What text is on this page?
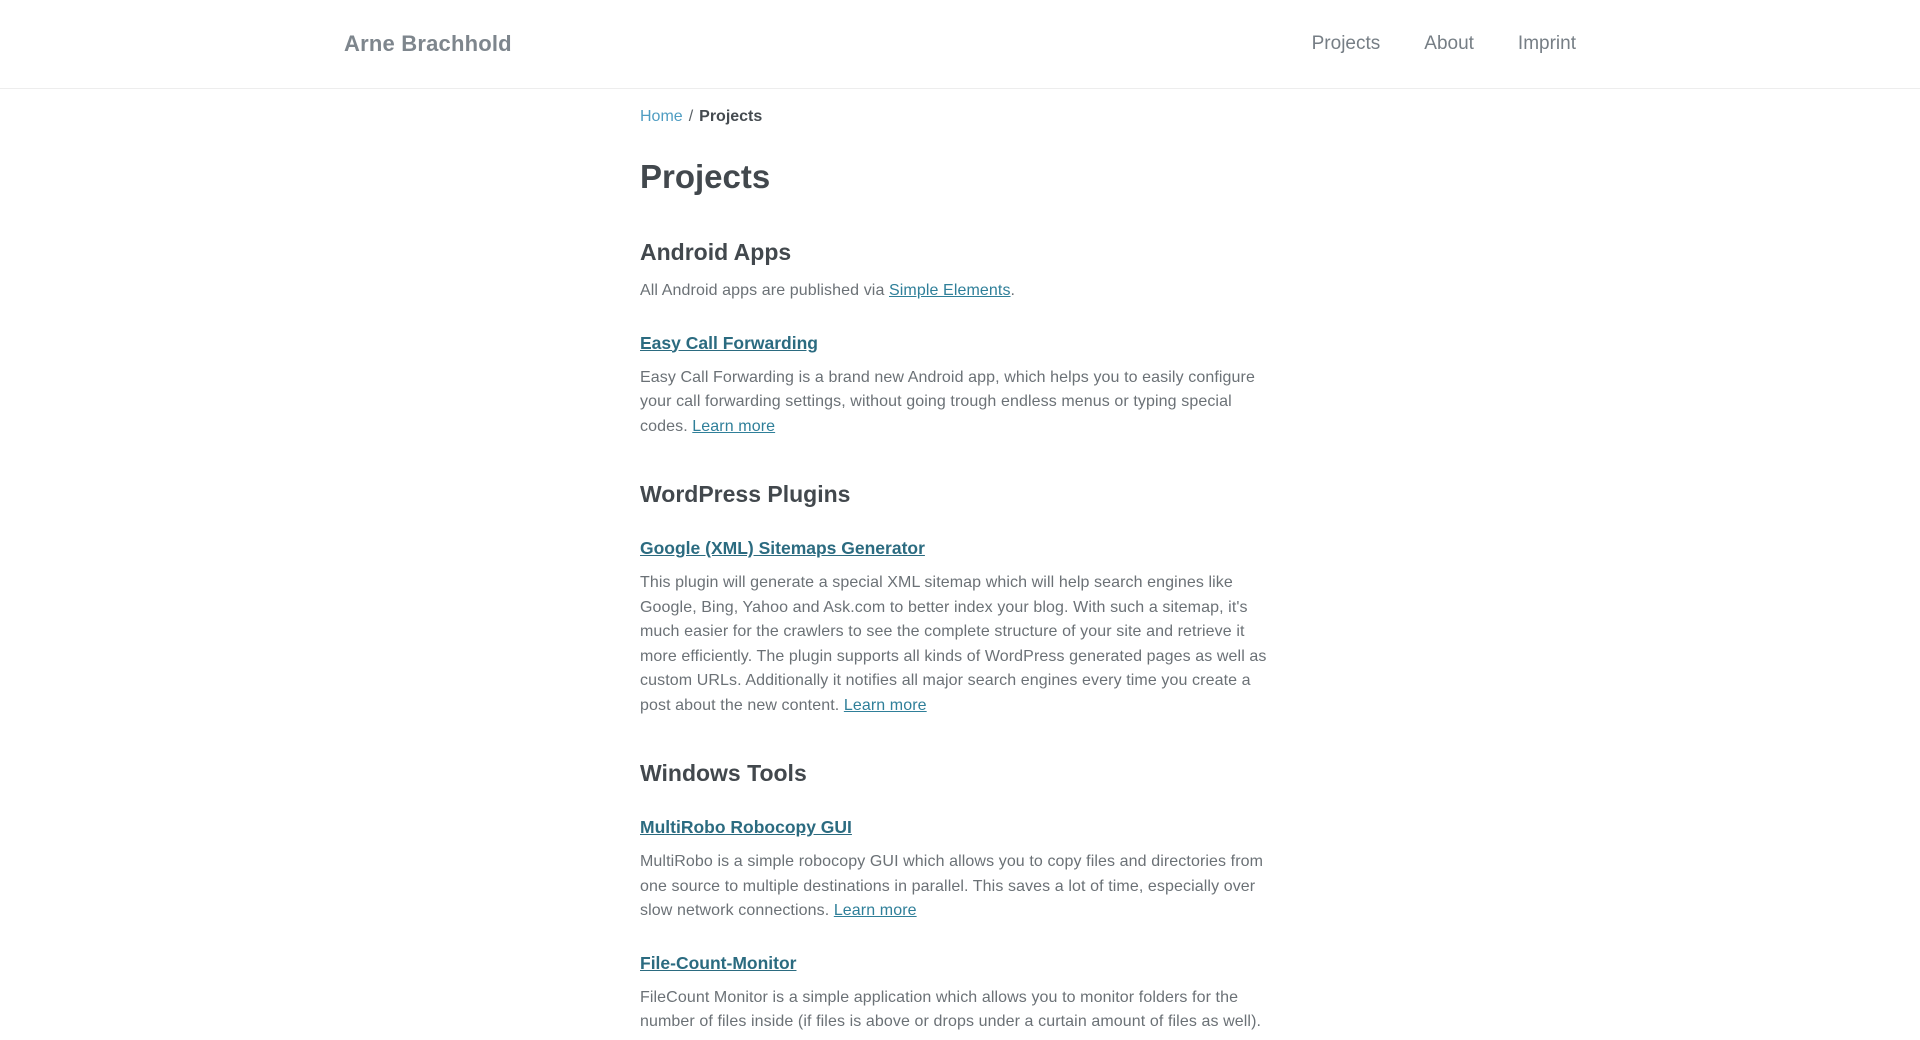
Arne Brachhold	Projects About Imprint
Home / Projects
Projects
Android Apps

All Android apps are published via Simple Elements.

Easy Call Forwarding

Easy Call Forwarding is a brand new Android app, which helps you to easily configure your call forwarding settings, without going trough endless menus or typing special codes. Learn more

WordPress Plugins
Google (XML) Sitemaps Generator

This plugin will generate a special XML sitemap which will help search engines like Google, Bing, Yahoo and Ask.com to better index your blog. With such a sitemap, it's much easier for the crawlers to see the complete structure of your site and retrieve it more efficiently. The plugin supports all kinds of WordPress generated pages as well as custom URLs. Additionally it notifies all major search engines every time you create a post about the new content. Learn more

Windows Tools
MultiRobo Robocopy GUI

MultiRobo is a simple robocopy GUI which allows you to copy files and directories from one source to multiple destinations in parallel. This saves a lot of time, especially over slow network connections. Learn more

File-Count-Monitor

FileCount Monitor is a simple application which allows you to monitor folders for the number of files inside (if files is above or drops under a curtain amount of files as well).
